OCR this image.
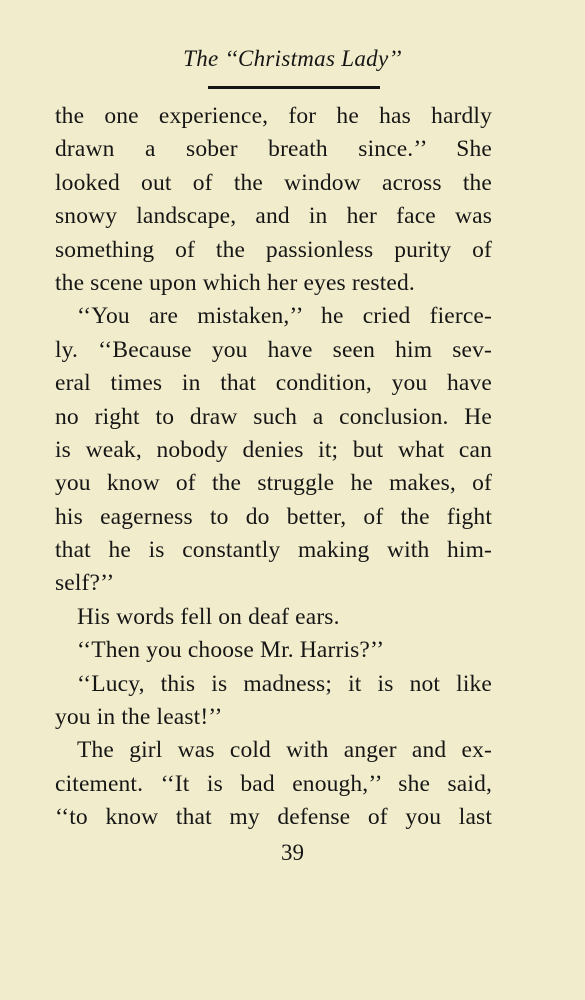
The ‘‘Christmas Lady’’
the one experience, for he has hardly
drawn a sober breath since.’’ She
looked out of the window across the
snowy landscape, and in her face was
something of the passionless purity of
the scene upon which her eyes rested.
‘‘You are mistaken,’’ he cried fierce-
ly. ‘‘Because you have seen him sev-
eral times in that condition, you have
no right to draw such a conclusion. He
is weak, nobody denies it; but what can
you know of the struggle he makes, of
his eagerness to do better, of the fight
that he is constantly making with him-
self?’’
His words fell on deaf ears.
‘‘Then you choose Mr. Harris?’’
‘‘Lucy, this is madness; it is not like
you in the least!’’
The girl was cold with anger and ex-
citement. ‘‘It is bad enough,’’ she said,
‘‘to know that my defense of you last
39
